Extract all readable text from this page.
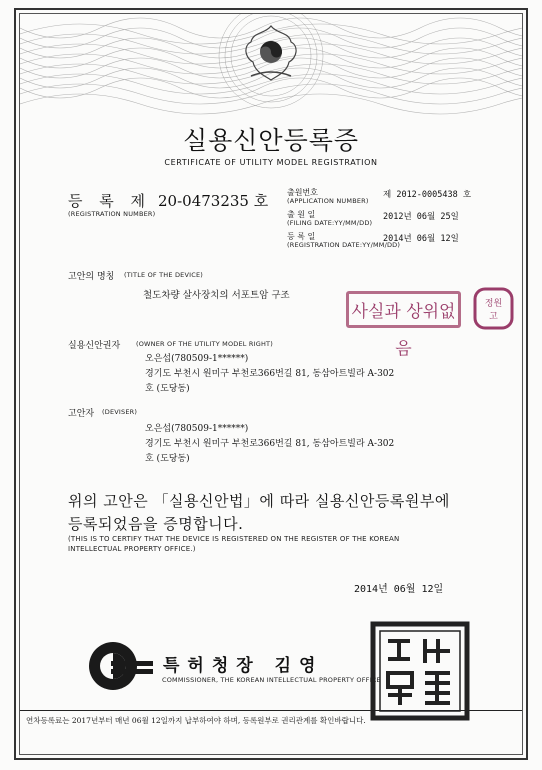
실용신안등록증
CERTIFICATE OF UTILITY MODEL REGISTRATION
등 록 제 20-0473235 호
(REGISTRATION NUMBER)
출원번호
(APPLICATION NUMBER)
제 2012-0005438 호
출 원 일
(FILING DATE:YY/MM/DD)
2012년 06월 25일
등 록 일
(REGISTRATION DATE:YY/MM/DD)
2014년 06월 12일
고안의 명칭 (TITLE OF THE DEVICE)
철도차량 살사장치의 서포트암 구조
사실과 상위없음
정원
고
실용신안권자 (OWNER OF THE UTILITY MODEL RIGHT)
오은섭(780509-1******)
경기도 부천시 원미구 부천로366번길 81, 동삼아트빌라 A-302
호 (도당동)
고안자 (DEVISER)
오은섭(780509-1******)
경기도 부천시 원미구 부천로366번길 81, 동삼아트빌라 A-302
호 (도당동)
위의 고안은 「실용신안법」에 따라 실용신안등록원부에
등록되었음을 증명합니다.
(THIS IS TO CERTIFY THAT THE DEVICE IS REGISTERED ON THE REGISTER OF THE KOREAN
INTELLECTUAL PROPERTY OFFICE.)
2014년 06월 12일
특허청장 김영
COMMISSIONER, THE KOREAN INTELLECTUAL PROPERTY OFFICE
연차등록료는 2017년부터 매년 06월 12일까지 납부하여야 하며, 등록원부로 권리관계를 확인바랍니다.
